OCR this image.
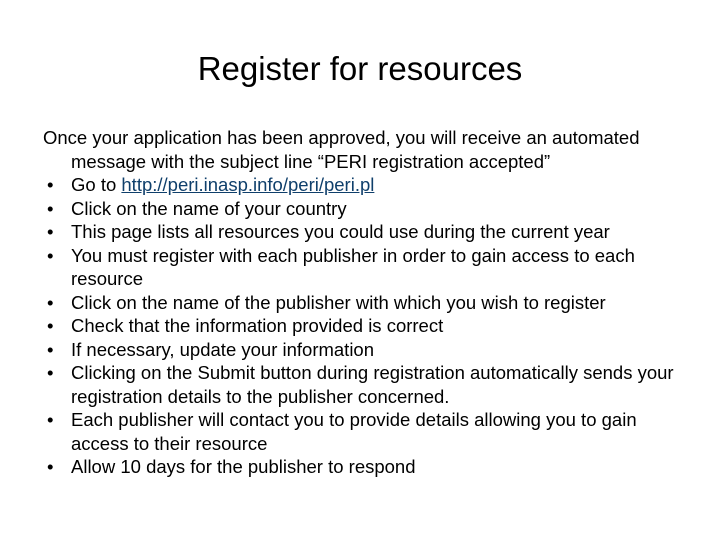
Register for resources

Once your application has been approved, you will receive an automated message with the subject line “PERI registration accepted”

• Go to http://peri.inasp.info/peri/peri.pl
• Click on the name of your country
• This page lists all resources you could use during the current year
• You must register with each publisher in order to gain access to each resource
• Click on the name of the publisher with which you wish to register
• Check that the information provided is correct
• If necessary, update your information
• Clicking on the Submit button during registration automatically sends your registration details to the publisher concerned.
• Each publisher will contact you to provide details allowing you to gain access to their resource
• Allow 10 days for the publisher to respond
